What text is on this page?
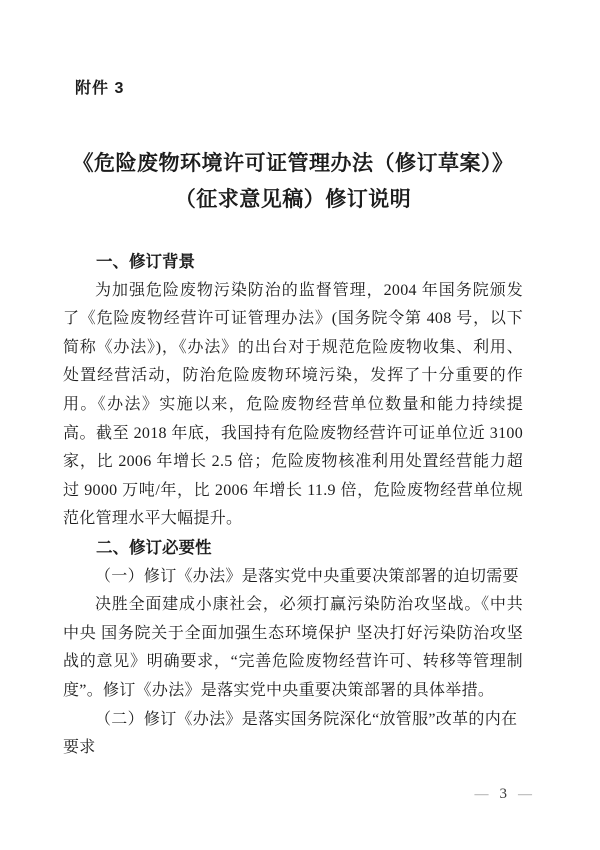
附件 3
《危险废物环境许可证管理办法（修订草案）》
（征求意见稿）修订说明
一、修订背景

为加强危险废物污染防治的监督管理，2004 年国务院颁发了《危险废物经营许可证管理办法》(国务院令第 408 号，以下简称《办法》)，《办法》的出台对于规范危险废物收集、利用、处置经营活动，防治危险废物环境污染，发挥了十分重要的作用。《办法》实施以来，危险废物经营单位数量和能力持续提高。截至 2018 年底，我国持有危险废物经营许可证单位近 3100 家，比 2006 年增长 2.5 倍；危险废物核准利用处置经营能力超过 9000 万吨/年，比 2006 年增长 11.9 倍，危险废物经营单位规范化管理水平大幅提升。

二、修订必要性

（一）修订《办法》是落实党中央重要决策部署的迫切需要

决胜全面建成小康社会，必须打赢污染防治攻坚战。《中共中央 国务院关于全面加强生态环境保护 坚决打好污染防治攻坚战的意见》明确要求，“完善危险废物经营许可、转移等管理制度”。修订《办法》是落实党中央重要决策部署的具体举措。

（二）修订《办法》是落实国务院深化“放管服”改革的内在要求

— 3 —
